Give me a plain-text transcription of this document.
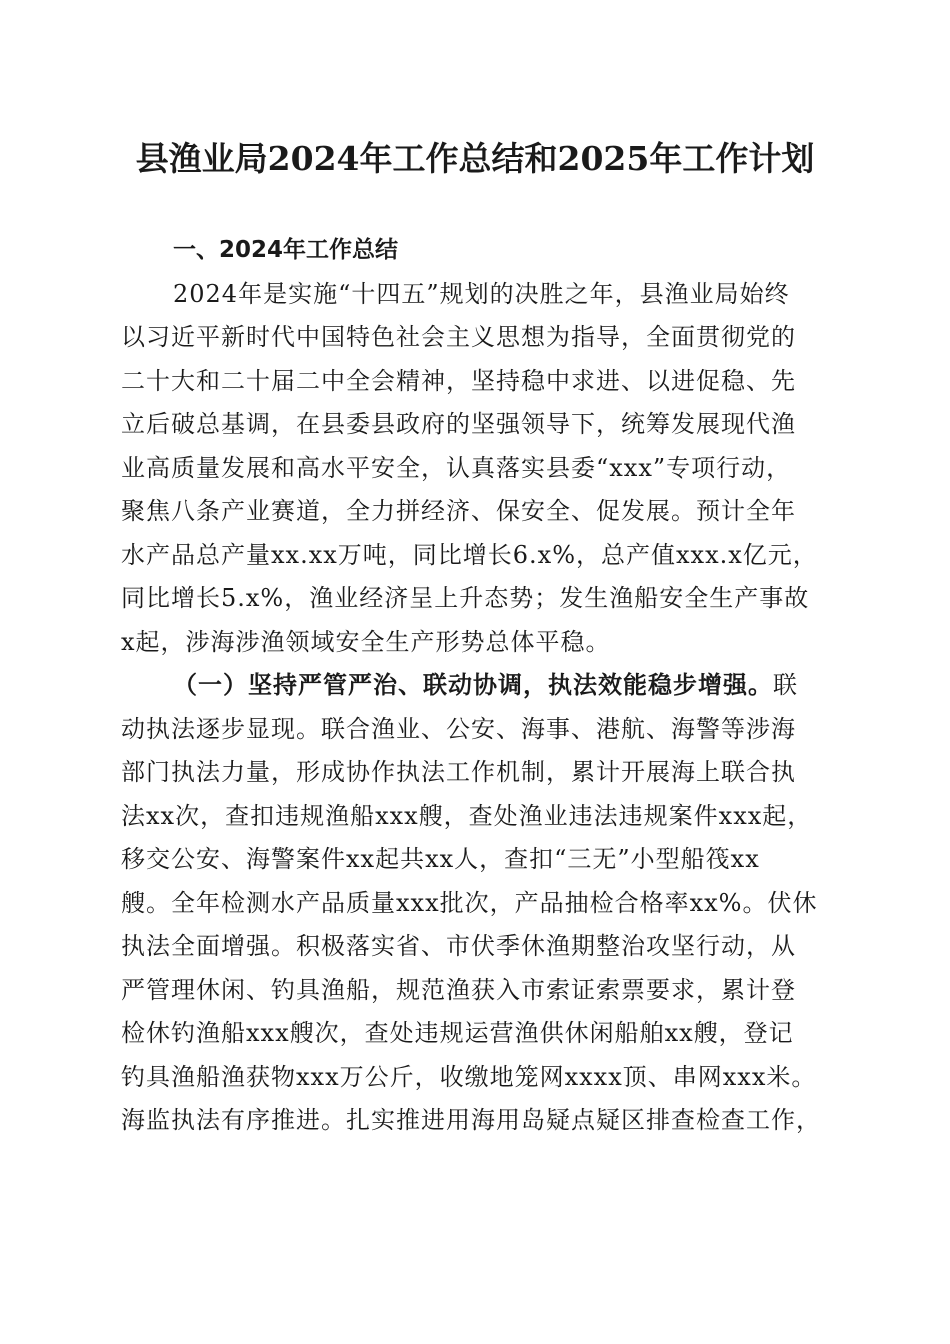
县渔业局2024年工作总结和2025年工作计划
一、2024年工作总结
2024年是实施“十四五”规划的决胜之年，县渔业局始终
以习近平新时代中国特色社会主义思想为指导，全面贯彻党的
二十大和二十届二中全会精神，坚持稳中求进、以进促稳、先
立后破总基调，在县委县政府的坚强领导下，统筹发展现代渔
业高质量发展和高水平安全，认真落实县委“xxx”专项行动，
聚焦八条产业赛道，全力拼经济、保安全、促发展。预计全年
水产品总产量xx.xx万吨，同比增长6.x%，总产值xxx.x亿元，
同比增长5.x%，渔业经济呈上升态势；发生渔船安全生产事故
x起，涉海涉渔领域安全生产形势总体平稳。
（一）坚持严管严治、联动协调，执法效能稳步增强。联
动执法逐步显现。联合渔业、公安、海事、港航、海警等涉海
部门执法力量，形成协作执法工作机制，累计开展海上联合执
法xx次，查扣违规渔船xxx艘，查处渔业违法违规案件xxx起，
移交公安、海警案件xx起共xx人，查扣“三无”小型船筏xx
艘。全年检测水产品质量xxx批次，产品抽检合格率xx%。伏休
执法全面增强。积极落实省、市伏季休渔期整治攻坚行动，从
严管理休闲、钓具渔船，规范渔获入市索证索票要求，累计登
检休钓渔船xxx艘次，查处违规运营渔供休闲船舶xx艘，登记
钓具渔船渔获物xxx万公斤，收缴地笼网xxxx顶、串网xxx米。
海监执法有序推进。扎实推进用海用岛疑点疑区排查检查工作，
